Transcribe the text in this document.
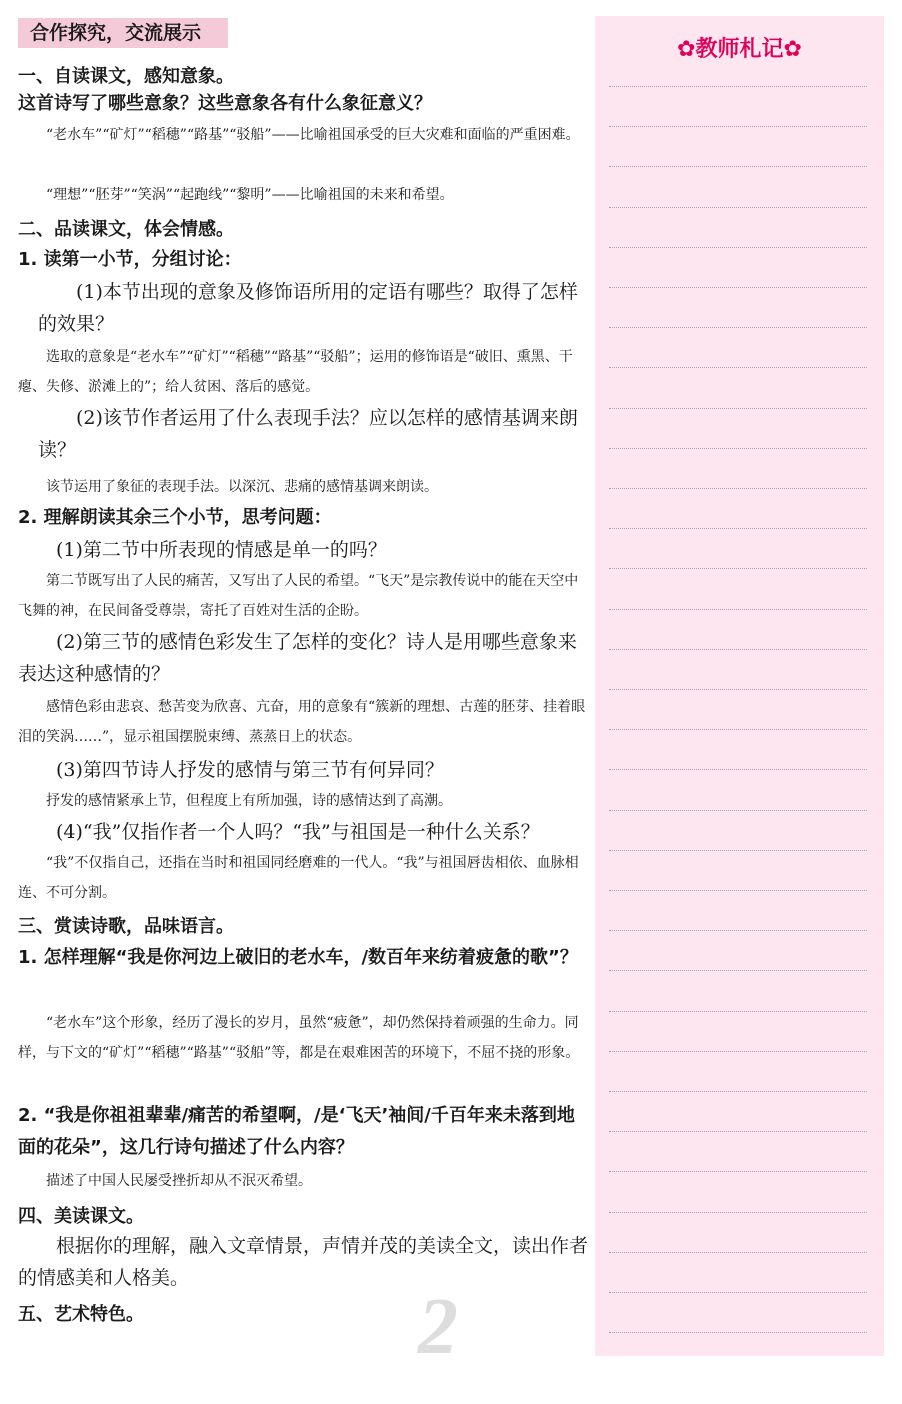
合作探究，交流展示
一、自读课文，感知意象。
这首诗写了哪些意象？这些意象各有什么象征意义？
“老水车”“矿灯”“稻穗”“路基”“驳船”——比喻祖国承受的巨大灾难和面临的严重困难。
“理想”“胚芽”“笑涡”“起跑线”“黎明”——比喻祖国的未来和希望。
二、品读课文，体会情感。
1. 读第一小节，分组讨论：
(1)本节出现的意象及修饰语所用的定语有哪些？取得了怎样的效果？
选取的意象是“老水车”“矿灯”“稻穗”“路基”“驳船”；运用的修饰语是“破旧、熏黑、干瘪、失修、淤滩上的”；给人贫困、落后的感觉。
(2)该节作者运用了什么表现手法？应以怎样的感情基调来朗读？
该节运用了象征的表现手法。以深沉、悲痛的感情基调来朗读。
2. 理解朗读其余三个小节，思考问题：
(1)第二节中所表现的情感是单一的吗？
第二节既写出了人民的痛苦，又写出了人民的希望。“飞天”是宗教传说中的能在天空中飞舞的神，在民间备受尊崇，寄托了百姓对生活的企盼。
(2)第三节的感情色彩发生了怎样的变化？诗人是用哪些意象来表达这种感情的？
感情色彩由悲哀、愁苦变为欣喜、亢奋，用的意象有“簇新的理想、古莲的胚芽、挂着眼泪的笑涡……”，显示祖国摆脱束缚、蒸蒸日上的状态。
(3)第四节诗人抒发的感情与第三节有何异同？
抒发的感情紧承上节，但程度上有所加强，诗的感情达到了高潮。
(4)“我”仅指作者一个人吗？“我”与祖国是一种什么关系？
“我”不仅指自己，还指在当时和祖国同经磨难的一代人。“我”与祖国唇齿相依、血脉相连、不可分割。
三、赏读诗歌，品味语言。
1. 怎样理解“我是你河边上破旧的老水车，/数百年来纺着疲惫的歌”？
“老水车”这个形象，经历了漫长的岁月，虽然“疲惫”，却仍然保持着顽强的生命力。同样，与下文的“矿灯”“稻穗”“路基”“驳船”等，都是在艰难困苦的环境下，不屈不挠的形象。
2. “我是你祖祖辈辈/痛苦的希望啊，/是‘飞天’袖间/千百年来未落到地面的花朵”，这几行诗句描述了什么内容？
描述了中国人民屡受挫折却从不泯灭希望。
四、美读课文。
根据你的理解，融入文章情景，声情并茂的美读全文，读出作者的情感美和人格美。
五、艺术特色。	2
✿教师札记✿
